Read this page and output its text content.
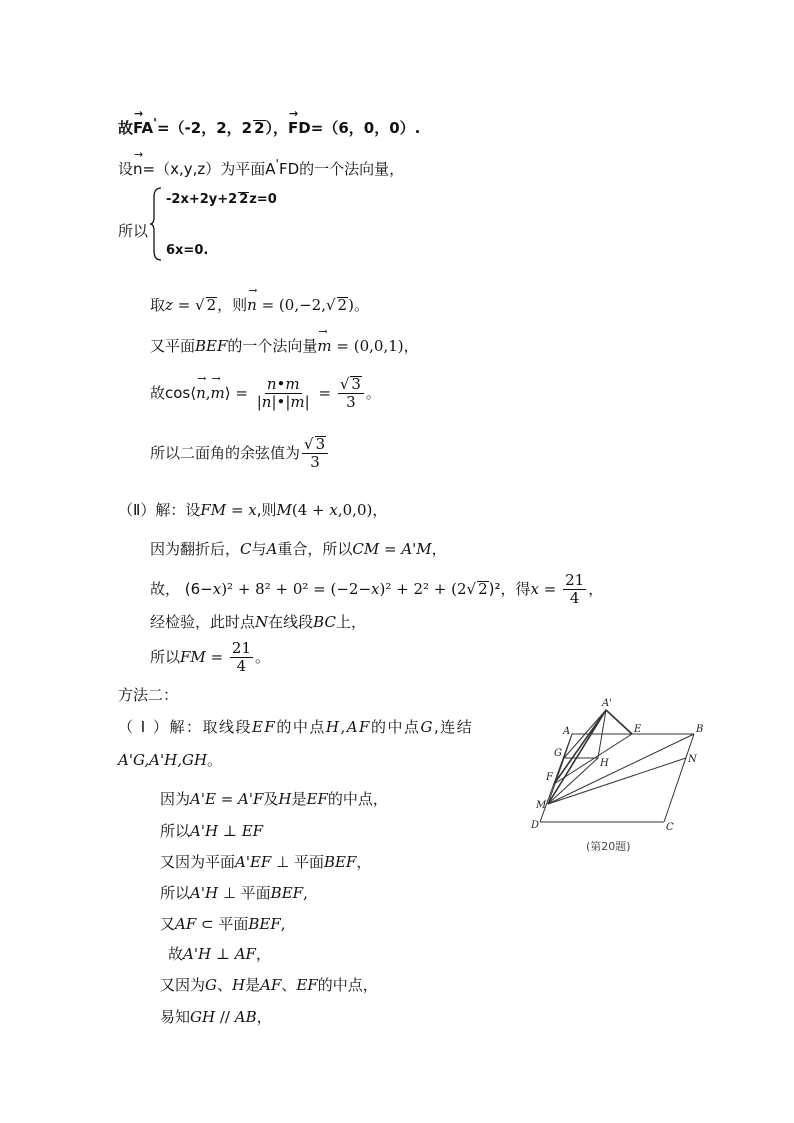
故→ FA'=（-2，2，2 2），→ FD=（6，0，0）.
设→ n=（x,y,z）为平面A'FD的一个法向量，
所以
-2x+2y+2 2z=0
6x=0.
取z = √ 2，则→ n = (0,−2,√ 2)。
又平面BEF的一个法向量→ m = (0,0,1)，
故cos⟨→ n,→ m⟩ = $\frac{n•m}{|n|•|m|} = \frac{√ 3}{3}$ 。
所以二面角的余弦值为 $\frac{√ 3}{3}$
（Ⅱ）解：设FM = x,则M(4 + x,0,0)，
因为翻折后，C与A重合，所以CM = A'M，
故， (6−x)² + 8² + 0² = (−2−x)² + 2² + (2√ 2)²，得$x = \frac{21}{4}$ ，
经检验，此时点N在线段BC上，
所以FM = $\frac{21}{4}$ 。
方法二：
（ Ⅰ ）解：取线段EF的中点H,AF的中点G,连结
A'G,A'H,GH。
因为A'E = A'F及H是EF的中点，
所以A'H ⊥ EF
又因为平面A'EF ⊥ 平面BEF，
所以A'H ⊥ 平面BEF,
又AF ⊂ 平面BEF,
故A'H ⊥ AF，
又因为G、H是AF、EF的中点，
易知GH // AB，
A'
A	E	B
G
H
F
N
M
D	C
(第20题)
